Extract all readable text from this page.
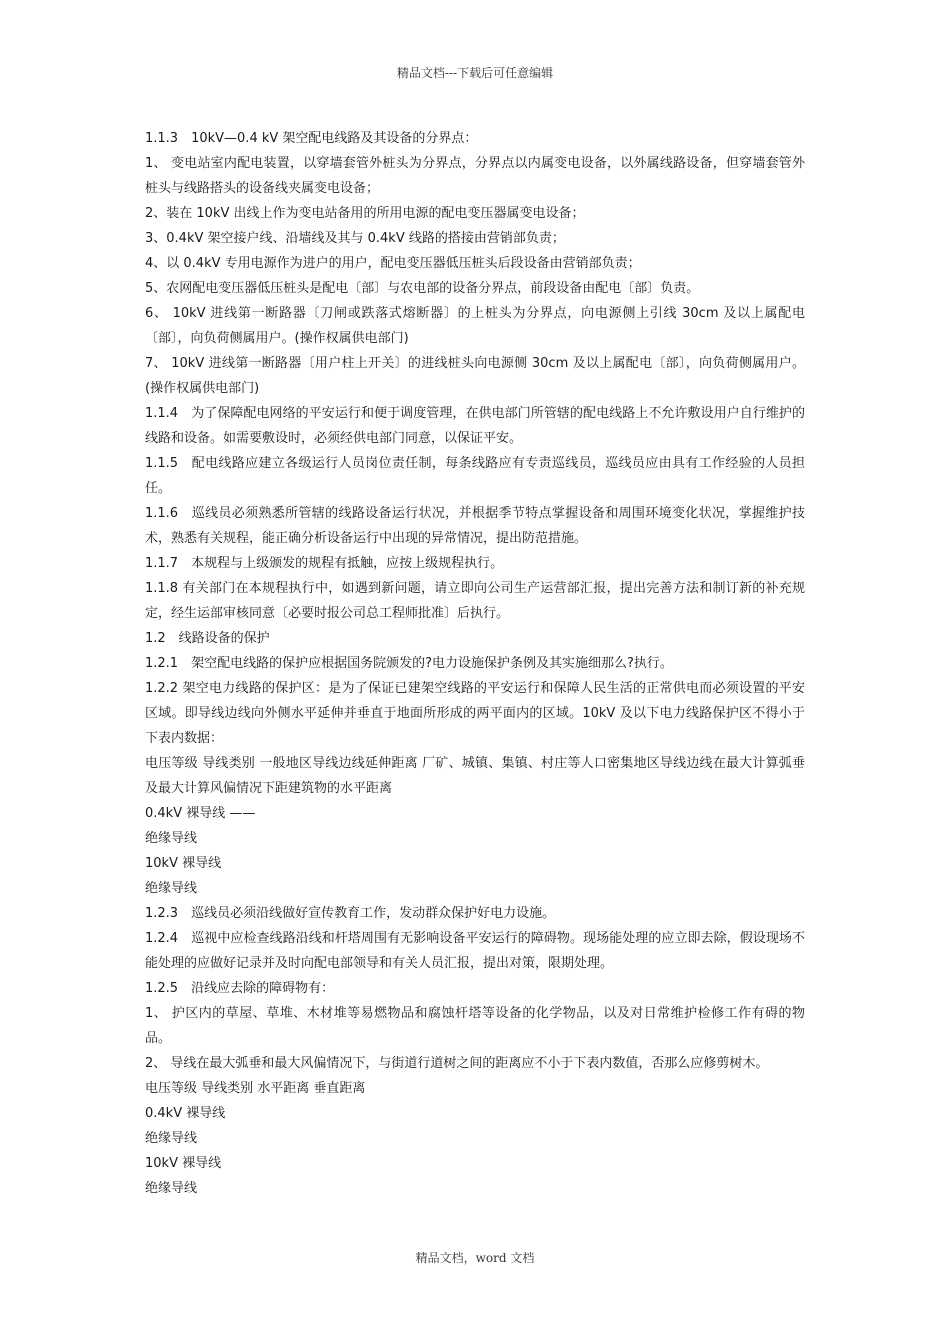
精品文档---下载后可任意编辑

1.1.3　10kV—0.4 kV 架空配电线路及其设备的分界点：

1、 变电站室内配电装置，以穿墙套管外桩头为分界点，分界点以内属变电设备，以外属线路设备，但穿墙套管外桩头与线路搭头的设备线夹属变电设备；

2、装在 10kV 出线上作为变电站备用的所用电源的配电变压器属变电设备；

3、0.4kV 架空接户线、沿墙线及其与 0.4kV 线路的搭接由营销部负责；

4、以 0.4kV 专用电源作为进户的用户，配电变压器低压桩头后段设备由营销部负责；

5、农网配电变压器低压桩头是配电〔部〕与农电部的设备分界点，前段设备由配电〔部〕负责。

6、 10kV 进线第一断路器〔刀闸或跌落式熔断器〕的上桩头为分界点，向电源侧上引线 30cm 及以上属配电〔部〕，向负荷侧属用户。(操作权属供电部门)

7、 10kV 进线第一断路器〔用户柱上开关〕的进线桩头向电源侧 30cm 及以上属配电〔部〕，向负荷侧属用户。(操作权属供电部门)

1.1.4　为了保障配电网络的平安运行和便于调度管理，在供电部门所管辖的配电线路上不允许敷设用户自行维护的线路和设备。如需要敷设时，必须经供电部门同意，以保证平安。

1.1.5　配电线路应建立各级运行人员岗位责任制，每条线路应有专责巡线员，巡线员应由具有工作经验的人员担任。

1.1.6　巡线员必须熟悉所管辖的线路设备运行状况，并根据季节特点掌握设备和周围环境变化状况，掌握维护技术，熟悉有关规程，能正确分析设备运行中出现的异常情况，提出防范措施。

1.1.7　本规程与上级颁发的规程有抵触，应按上级规程执行。

1.1.8 有关部门在本规程执行中，如遇到新问题，请立即向公司生产运营部汇报，提出完善方法和制订新的补充规定，经生运部审核同意〔必要时报公司总工程师批准〕后执行。

1.2　线路设备的保护

1.2.1　架空配电线路的保护应根据国务院颁发的?电力设施保护条例及其实施细那么?执行。

1.2.2 架空电力线路的保护区：是为了保证已建架空线路的平安运行和保障人民生活的正常供电而必须设置的平安区域。即导线边线向外侧水平延伸并垂直于地面所形成的两平面内的区域。10kV 及以下电力线路保护区不得小于下表内数据：

电压等级 导线类别 一般地区导线边线延伸距离 厂矿、城镇、集镇、村庄等人口密集地区导线边线在最大计算弧垂及最大计算风偏情况下距建筑物的水平距离

0.4kV 裸导线 ——

绝缘导线

10kV 裸导线

绝缘导线

1.2.3　巡线员必须沿线做好宣传教育工作，发动群众保护好电力设施。

1.2.4　巡视中应检查线路沿线和杆塔周围有无影响设备平安运行的障碍物。现场能处理的应立即去除，假设现场不能处理的应做好记录并及时向配电部领导和有关人员汇报，提出对策，限期处理。

1.2.5　沿线应去除的障碍物有：

1、 护区内的草屋、草堆、木材堆等易燃物品和腐蚀杆塔等设备的化学物品，以及对日常维护检修工作有碍的物品。

2、 导线在最大弧垂和最大风偏情况下，与街道行道树之间的距离应不小于下表内数值，否那么应修剪树木。

电压等级 导线类别 水平距离 垂直距离

0.4kV 裸导线

绝缘导线

10kV 裸导线

绝缘导线

精品文档，word 文档
